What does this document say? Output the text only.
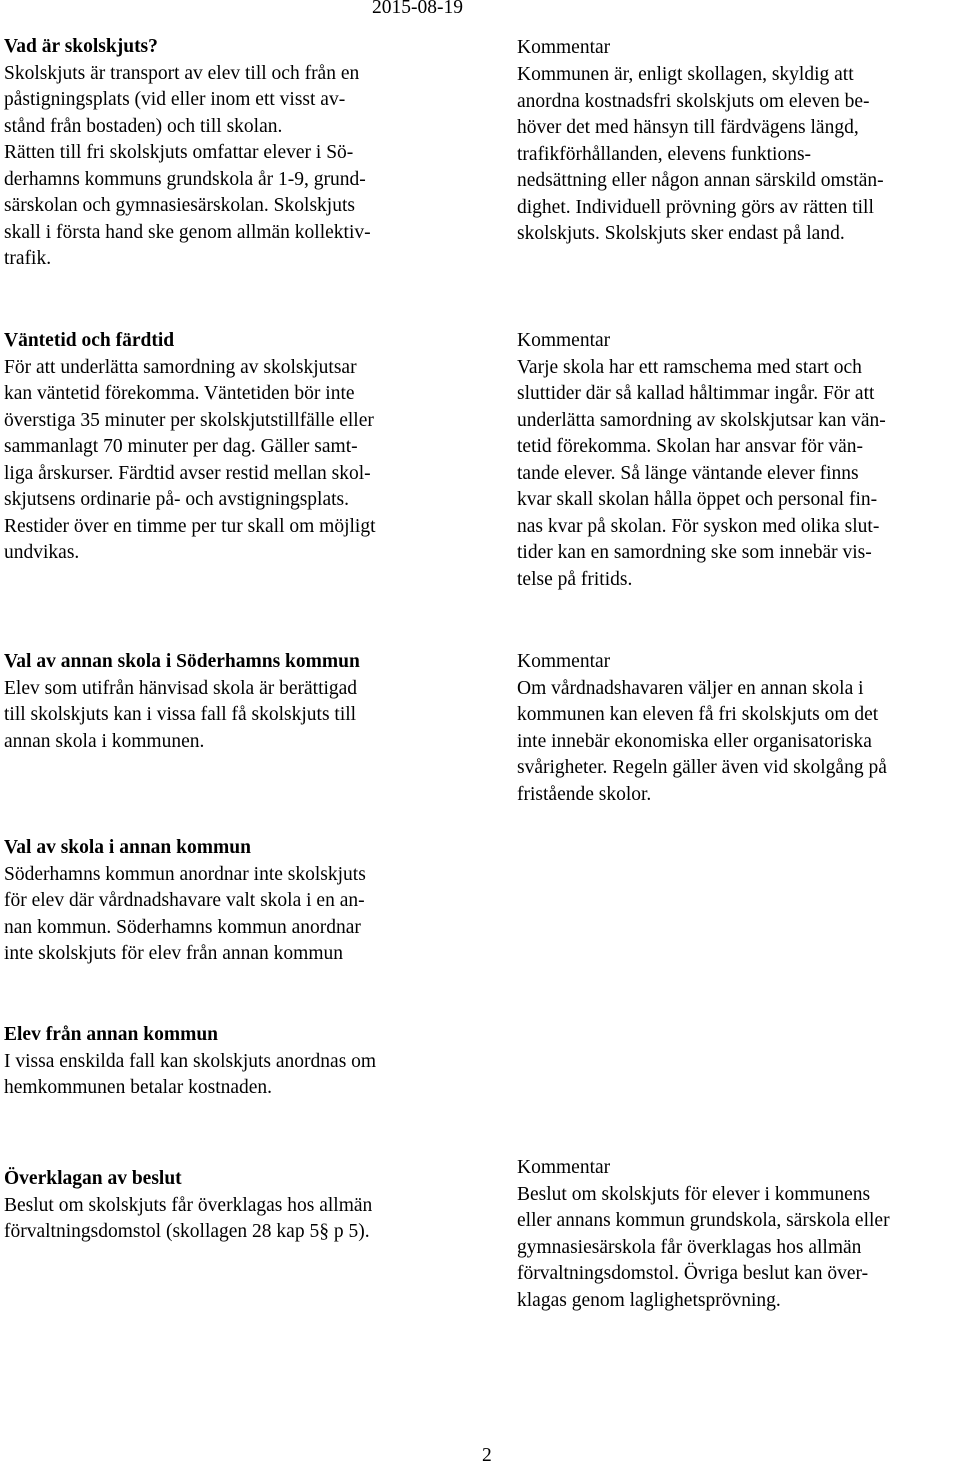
2015-08-19
Vad är skolskjuts?
Skolskjuts är transport av elev till och från en
påstigningsplats (vid eller inom ett visst av-
stånd från bostaden) och till skolan.
Rätten till fri skolskjuts omfattar elever i Sö-
derhamns kommuns grundskola år 1-9, grund-
särskolan och gymnasiesärskolan. Skolskjuts
skall i första hand ske genom allmän kollektiv-
trafik.
Kommentar
Kommunen är, enligt skollagen, skyldig att
anordna kostnadsfri skolskjuts om eleven be-
höver det med hänsyn till färdvägens längd,
trafikförhållanden, elevens funktions-
nedsättning eller någon annan särskild omstän-
dighet. Individuell prövning görs av rätten till
skolskjuts. Skolskjuts sker endast på land.
Väntetid och färdtid
För att underlätta samordning av skolskjutsar
kan väntetid förekomma. Väntetiden bör inte
överstiga 35 minuter per skolskjutstillfälle eller
sammanlagt 70 minuter per dag. Gäller samt-
liga årskurser. Färdtid avser restid mellan skol-
skjutsens ordinarie på- och avstigningsplats.
Restider över en timme per tur skall om möjligt
undvikas.
Kommentar
Varje skola har ett ramschema med start och
sluttider där så kallad håltimmar ingår. För att
underlätta samordning av skolskjutsar kan vän-
tetid förekomma. Skolan har ansvar för vän-
tande elever. Så länge väntande elever finns
kvar skall skolan hålla öppet och personal fin-
nas kvar på skolan. För syskon med olika slut-
tider kan en samordning ske som innebär vis-
telse på fritids.
Val av annan skola i Söderhamns kommun
Elev som utifrån hänvisad skola är berättigad
till skolskjuts kan i vissa fall få skolskjuts till
annan skola i kommunen.
Kommentar
Om vårdnadshavaren väljer en annan skola i
kommunen kan eleven få fri skolskjuts om det
inte innebär ekonomiska eller organisatoriska
svårigheter. Regeln gäller även vid skolgång på
fristående skolor.
Val av skola i annan kommun
Söderhamns kommun anordnar inte skolskjuts
för elev där vårdnadshavare valt skola i en an-
nan kommun. Söderhamns kommun anordnar
inte skolskjuts för elev från annan kommun
Elev från annan kommun
I vissa enskilda fall kan skolskjuts anordnas om
hemkommunen betalar kostnaden.
Överklagan av beslut
Beslut om skolskjuts får överklagas hos allmän
förvaltningsdomstol (skollagen 28 kap 5§ p 5).
Kommentar
Beslut om skolskjuts för elever i kommunens
eller annans kommun grundskola, särskola eller
gymnasiesärskola får överklagas hos allmän
förvaltningsdomstol. Övriga beslut kan över-
klagas genom laglighetsprövning.
2
